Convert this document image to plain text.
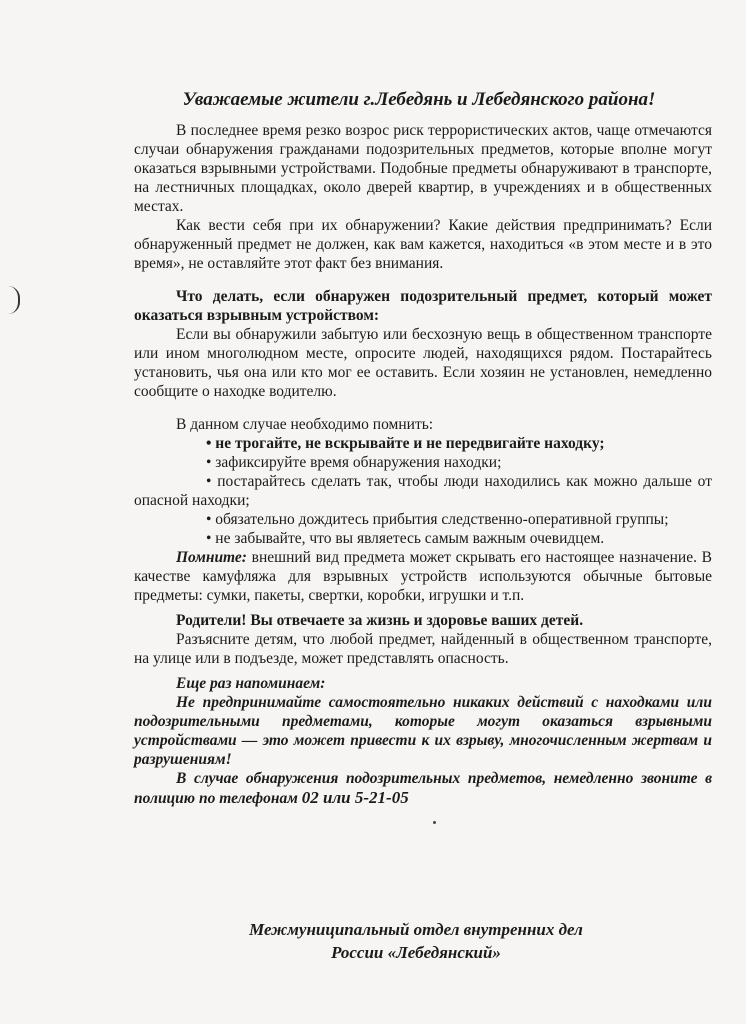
Уважаемые жители г.Лебедянь и Лебедянского района!

В последнее время резко возрос риск террористических актов, чаще отмечаются случаи обнаружения гражданами подозрительных предметов, которые вполне могут оказаться взрывными устройствами. Подобные предметы обнаруживают в транспорте, на лестничных площадках, около дверей квартир, в учреждениях и в общественных местах.

Как вести себя при их обнаружении? Какие действия предпринимать? Если обнаруженный предмет не должен, как вам кажется, находиться «в этом месте и в это время», не оставляйте этот факт без внимания.

Что делать, если обнаружен подозрительный предмет, который может оказаться взрывным устройством:

Если вы обнаружили забытую или бесхозную вещь в общественном транспорте или ином многолюдном месте, опросите людей, находящихся рядом. Постарайтесь установить, чья она или кто мог ее оставить. Если хозяин не установлен, немедленно сообщите о находке водителю.

В данном случае необходимо помнить:

• не трогайте, не вскрывайте и не передвигайте находку;

• зафиксируйте время обнаружения находки;

• постарайтесь сделать так, чтобы люди находились как можно дальше от опасной находки;

• обязательно дождитесь прибытия следственно-оперативной группы;

• не забывайте, что вы являетесь самым важным очевидцем.

Помните: внешний вид предмета может скрывать его настоящее назначение. В качестве камуфляжа для взрывных устройств используются обычные бытовые предметы: сумки, пакеты, свертки, коробки, игрушки и т.п.

Родители! Вы отвечаете за жизнь и здоровье ваших детей.

Разъясните детям, что любой предмет, найденный в общественном транспорте, на улице или в подъезде, может представлять опасность.

Еще раз напоминаем:

Не предпринимайте самостоятельно никаких действий с находками или подозрительными предметами, которые могут оказаться взрывными устройствами — это может привести к их взрыву, многочисленным жертвам и разрушениям!

В случае обнаружения подозрительных предметов, немедленно звоните в полицию по телефонам 02 или 5-21-05

Межмуниципальный отдел внутренних дел
России «Лебедянский»
